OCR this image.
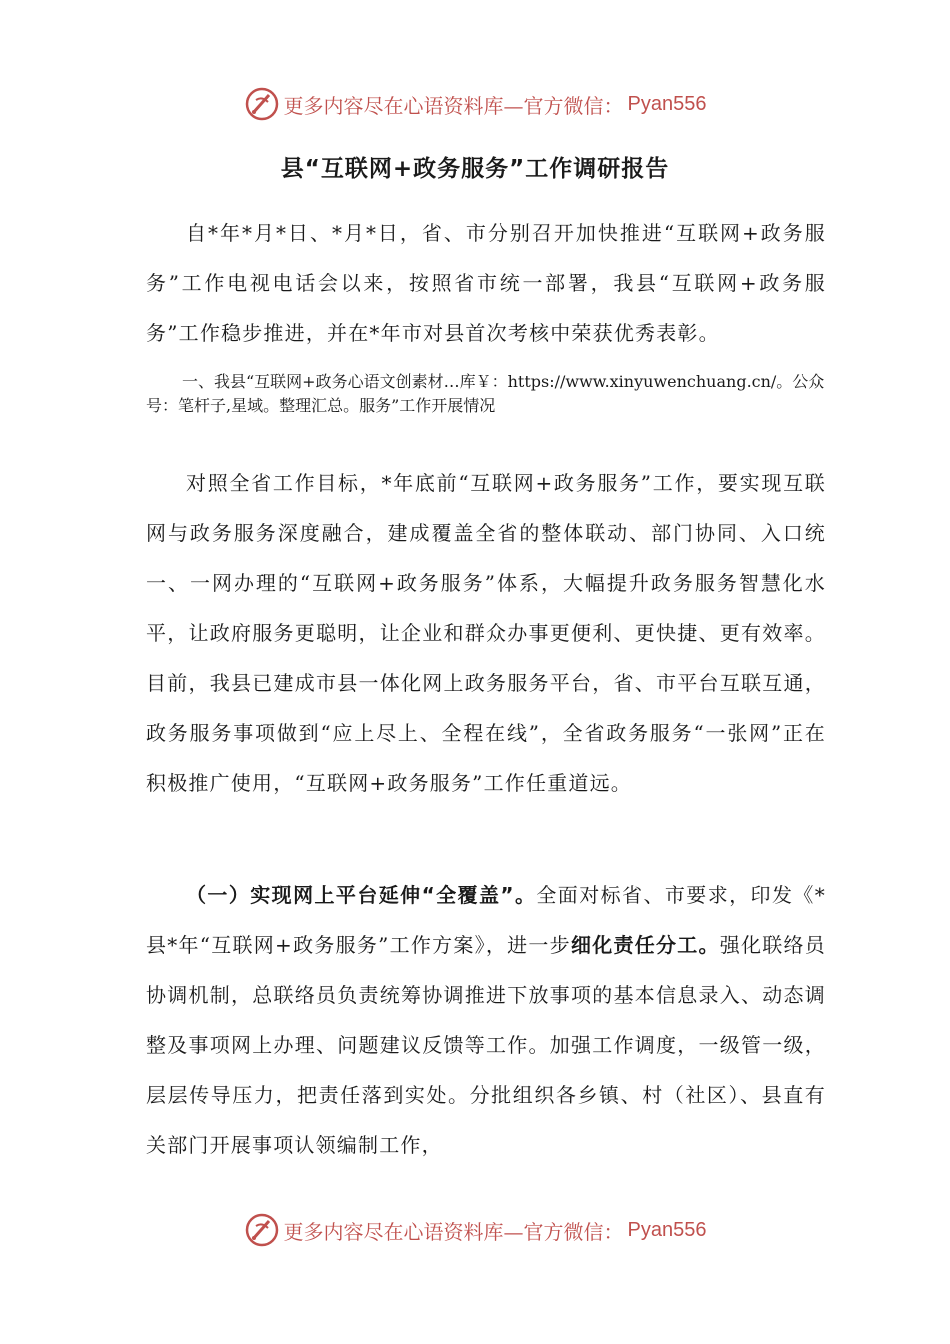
更多内容尽在心语资料库—官方微信： Pyan556
县“互联网+政务服务”工作调研报告

自*年*月*日、*月*日，省、市分别召开加快推进“互联网+政务服务”工作电视电话会以来，按照省市统一部署，我县“互联网+政务服务”工作稳步推进，并在*年市对县首次考核中荣获优秀表彰。

一、我县“互联网+政务心语文创素材…库￥：https://www.xinyuwenchuang.cn/。公众号：笔杆子,星域。整理汇总。服务”工作开展情况

对照全省工作目标，*年底前“互联网+政务服务”工作，要实现互联网与政务服务深度融合，建成覆盖全省的整体联动、部门协同、入口统一、一网办理的“互联网+政务服务”体系，大幅提升政务服务智慧化水平，让政府服务更聪明，让企业和群众办事更便利、更快捷、更有效率。目前，我县已建成市县一体化网上政务服务平台，省、市平台互联互通，政务服务事项做到“应上尽上、全程在线”，全省政务服务“一张网”正在积极推广使用，“互联网+政务服务”工作任重道远。

（一）实现网上平台延伸“全覆盖”。全面对标省、市要求，印发《*县*年“互联网+政务服务”工作方案》，进一步细化责任分工。强化联络员协调机制，总联络员负责统筹协调推进下放事项的基本信息录入、动态调整及事项网上办理、问题建议反馈等工作。加强工作调度，一级管一级，层层传导压力，把责任落到实处。分批组织各乡镇、村（社区）、县直有关部门开展事项认领编制工作，

更多内容尽在心语资料库—官方微信： Pyan556
